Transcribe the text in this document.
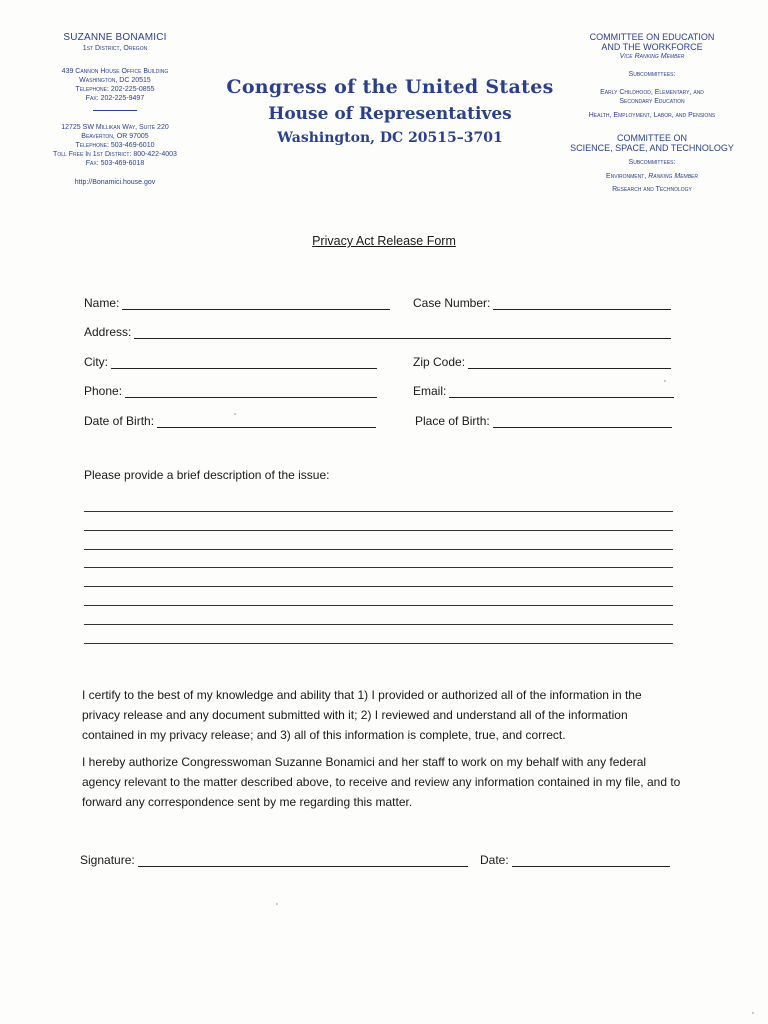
SUZANNE BONAMICI
1st District, Oregon
439 Cannon House Office Building
Washington, DC 20515
Telephone: 202-225-0855
Fax: 202-225-9497
12725 SW Millikan Way, Suite 220
Beaverton, OR 97005
Telephone: 503-469-6010
Toll Free In 1st District: 800-422-4003
Fax: 503-469-6018
http://Bonamici.house.gov
Congress of the United States
House of Representatives
Washington, DC 20515–3701
COMMITTEE ON EDUCATION
AND THE WORKFORCE
Vice Ranking Member
Subcommittees:
Early Childhood, Elementary, and
Secondary Education
Health, Employment, Labor, and Pensions
COMMITTEE ON
SCIENCE, SPACE, AND TECHNOLOGY
Subcommittees:
Environment, Ranking Member
Research and Technology
Privacy Act Release Form
Name:	Case Number:
Address:
City:	Zip Code:
Phone:	Email:
Date of Birth:	Place of Birth:
Please provide a brief description of the issue:
I certify to the best of my knowledge and ability that 1) I provided or authorized all of the information in the privacy release and any document submitted with it; 2) I reviewed and understand all of the information contained in my privacy release; and 3) all of this information is complete, true, and correct.
I hereby authorize Congresswoman Suzanne Bonamici and her staff to work on my behalf with any federal agency relevant to the matter described above, to receive and review any information contained in my file, and to forward any correspondence sent by me regarding this matter.
Signature:	Date:
